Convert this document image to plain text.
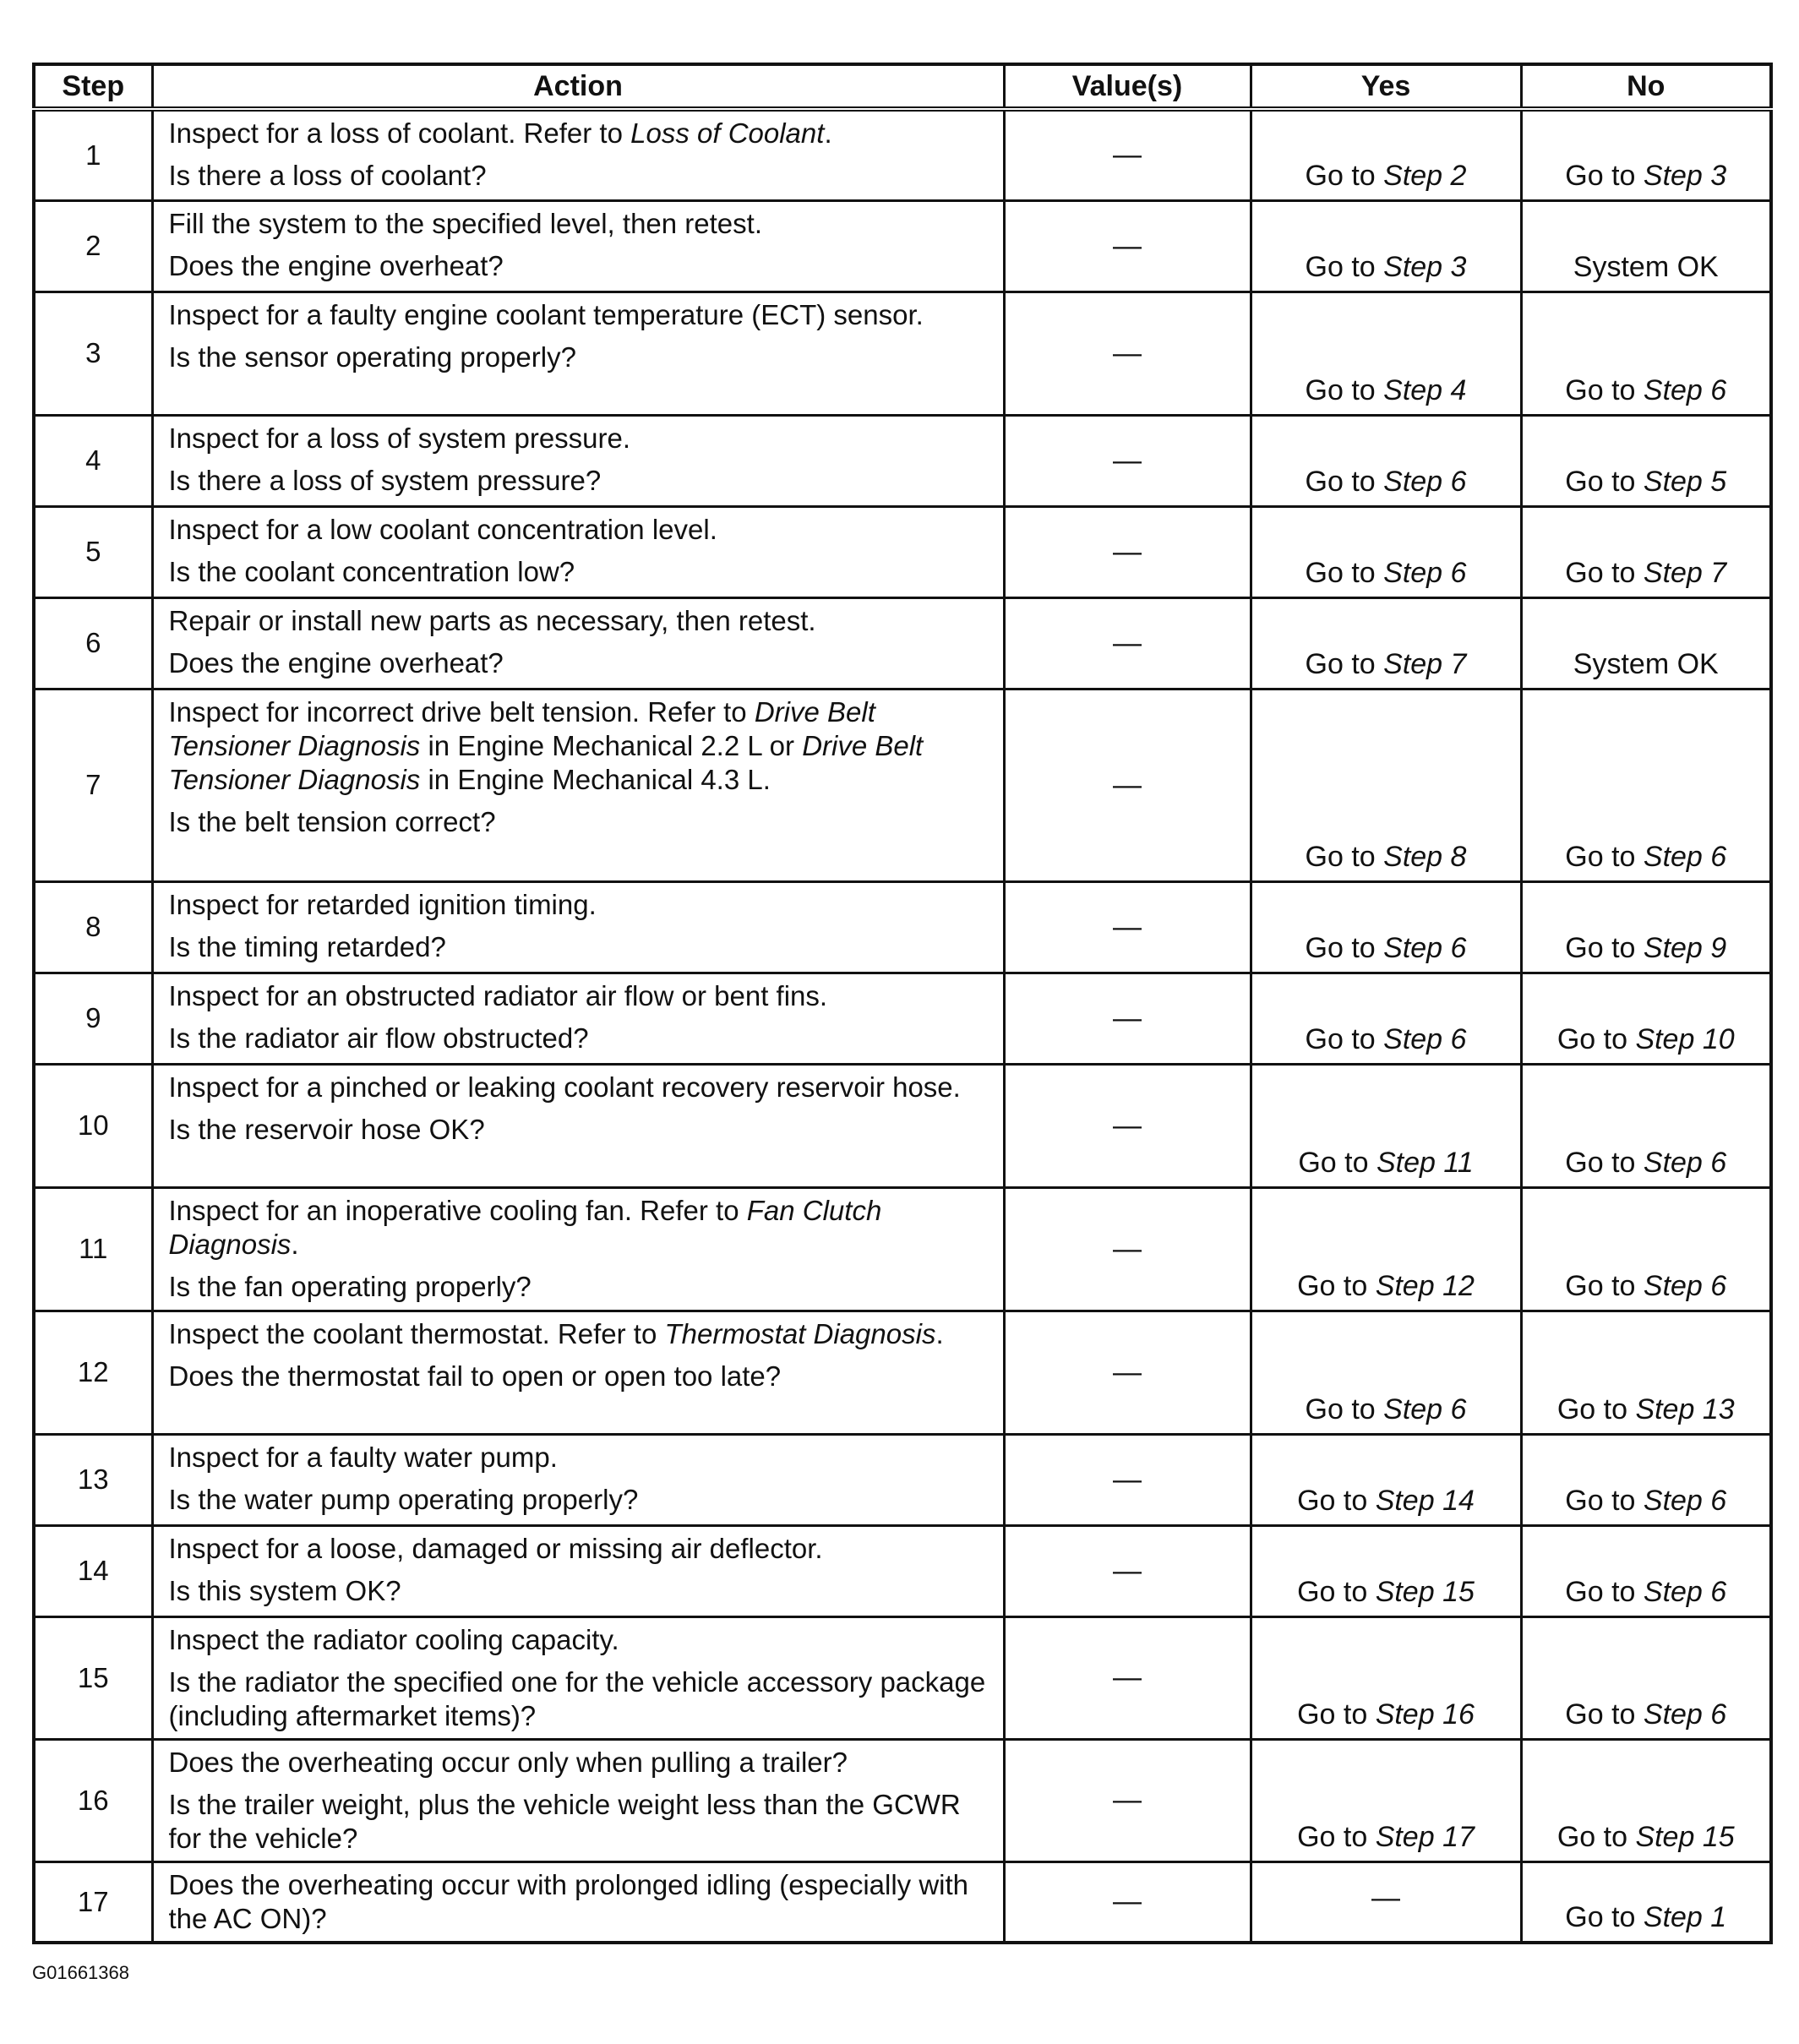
Step	Action	Value(s)	Yes	No
1	Inspect for a loss of coolant. Refer to Loss of Coolant.
Is there a loss of coolant?	—	Go to Step 2	Go to Step 3
2	Fill the system to the specified level, then retest.
Does the engine overheat?	—	Go to Step 3	System OK
3	Inspect for a faulty engine coolant temperature (ECT) sensor.
Is the sensor operating properly?	—	Go to Step 4	Go to Step 6
4	Inspect for a loss of system pressure.
Is there a loss of system pressure?	—	Go to Step 6	Go to Step 5
5	Inspect for a low coolant concentration level.
Is the coolant concentration low?	—	Go to Step 6	Go to Step 7
6	Repair or install new parts as necessary, then retest.
Does the engine overheat?	—	Go to Step 7	System OK
7	Inspect for incorrect drive belt tension. Refer to Drive Belt Tensioner Diagnosis in Engine Mechanical 2.2 L or Drive Belt Tensioner Diagnosis in Engine Mechanical 4.3 L.
Is the belt tension correct?	—	Go to Step 8	Go to Step 6
8	Inspect for retarded ignition timing.
Is the timing retarded?	—	Go to Step 6	Go to Step 9
9	Inspect for an obstructed radiator air flow or bent fins.
Is the radiator air flow obstructed?	—	Go to Step 6	Go to Step 10
10	Inspect for a pinched or leaking coolant recovery reservoir hose.
Is the reservoir hose OK?	—	Go to Step 11	Go to Step 6
11	Inspect for an inoperative cooling fan. Refer to Fan Clutch Diagnosis.
Is the fan operating properly?	—	Go to Step 12	Go to Step 6
12	Inspect the coolant thermostat. Refer to Thermostat Diagnosis.
Does the thermostat fail to open or open too late?	—	Go to Step 6	Go to Step 13
13	Inspect for a faulty water pump.
Is the water pump operating properly?	—	Go to Step 14	Go to Step 6
14	Inspect for a loose, damaged or missing air deflector.
Is this system OK?	—	Go to Step 15	Go to Step 6
15	Inspect the radiator cooling capacity.
Is the radiator the specified one for the vehicle accessory package (including aftermarket items)?	—	Go to Step 16	Go to Step 6
16	Does the overheating occur only when pulling a trailer?
Is the trailer weight, plus the vehicle weight less than the GCWR for the vehicle?	—	Go to Step 17	Go to Step 15
17	Does the overheating occur with prolonged idling (especially with the AC ON)?	—	—	Go to Step 1
G01661368
